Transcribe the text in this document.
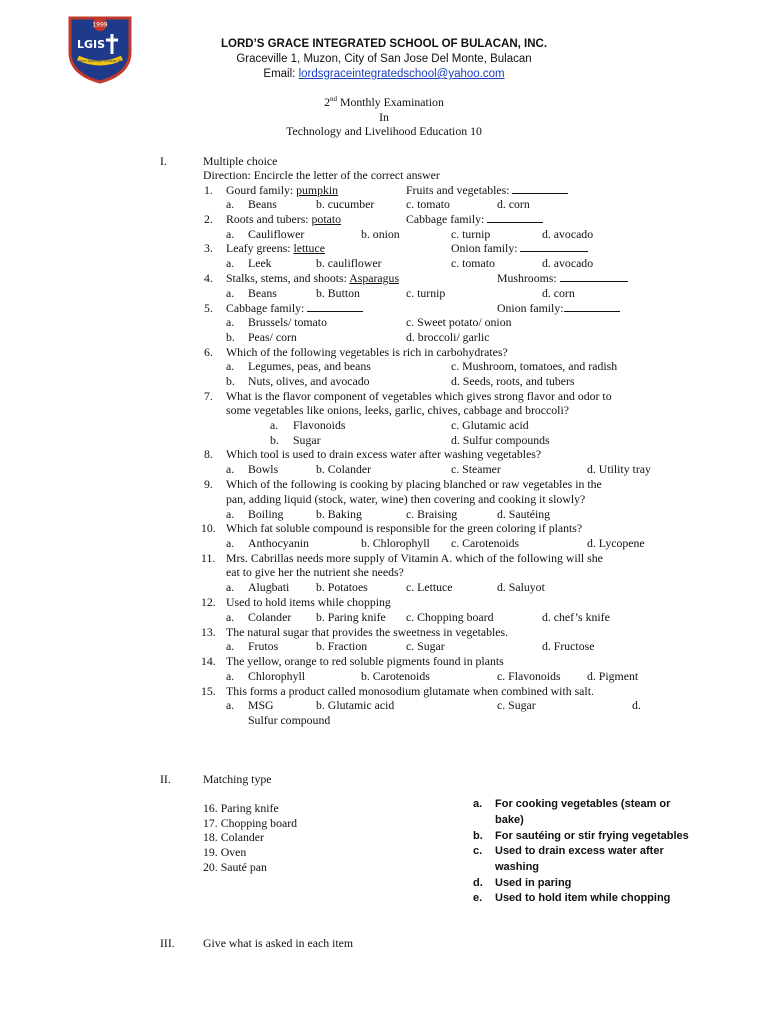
1999
LGIS
Kasama Tagabago Ginabay Diyos
LORD’S GRACE INTEGRATED SCHOOL OF BULACAN, INC.
Graceville 1, Muzon, City of San Jose Del Monte, Bulacan
Email: lordsgraceintegratedschool@yahoo.com
2nd Monthly Examination
In
Technology and Livelihood Education 10
I.	Multiple choice
Direction: Encircle the letter of the correct answer
1. Gourd family: pumpkin	Fruits and vegetables:
a. Beans	b. cucumber	c. tomato	d. corn
2. Roots and tubers: potato	Cabbage family:
a. Cauliflower	b. onion	c. turnip	d. avocado
3. Leafy greens: lettuce	Onion family:
a. Leek	b. cauliflower	c. tomato	d. avocado
4. Stalks, stems, and shoots: Asparagus	Mushrooms:
a. Beans	b. Button	c. turnip	d. corn
5. Cabbage family:	Onion family:
a. Brussels/ tomato	c. Sweet potato/ onion
b. Peas/ corn	d. broccoli/ garlic
6. Which of the following vegetables is rich in carbohydrates?
a. Legumes, peas, and beans	c. Mushroom, tomatoes, and radish
b. Nuts, olives, and avocado	d. Seeds, roots, and tubers
7. What is the flavor component of vegetables which gives strong flavor and odor to
some vegetables like onions, leeks, garlic, chives, cabbage and broccoli?
a. Flavonoids	c. Glutamic acid
b. Sugar	d. Sulfur compounds
8. Which tool is used to drain excess water after washing vegetables?
a. Bowls	b. Colander	c. Steamer	d. Utility tray
9. Which of the following is cooking by placing blanched or raw vegetables in the
pan, adding liquid (stock, water, wine) then covering and cooking it slowly?
a. Boiling	b. Baking	c. Braising	d. Sautéing
10. Which fat soluble compound is responsible for the green coloring if plants?
a. Anthocyanin	b. Chlorophyll c. Carotenoids	d. Lycopene
11. Mrs. Cabrillas needs more supply of Vitamin A. which of the following will she
eat to give her the nutrient she needs?
a. Alugbati b. Potatoes	c. Lettuce	d. Saluyot
12. Used to hold items while chopping
a. Colander b. Paring knife c. Chopping board	d. chef’s knife
13. The natural sugar that provides the sweetness in vegetables.
a. Frutos	b. Fraction	c. Sugar	d. Fructose
14. The yellow, orange to red soluble pigments found in plants
a. Chlorophyll	b. Carotenoids	c. Flavonoids d. Pigment
15. This forms a product called monosodium glutamate when combined with salt.
a. MSG	b. Glutamic acid	c. Sugar	d.
Sulfur compound
II.	Matching type
16. Paring knife
17. Chopping board
18. Colander
19. Oven
20. Sauté pan
a. For cooking vegetables (steam or
bake)
b. For sautéing or stir frying vegetables
c. Used to drain excess water after
washing
d. Used in paring
e. Used to hold item while chopping
III. Give what is asked in each item
